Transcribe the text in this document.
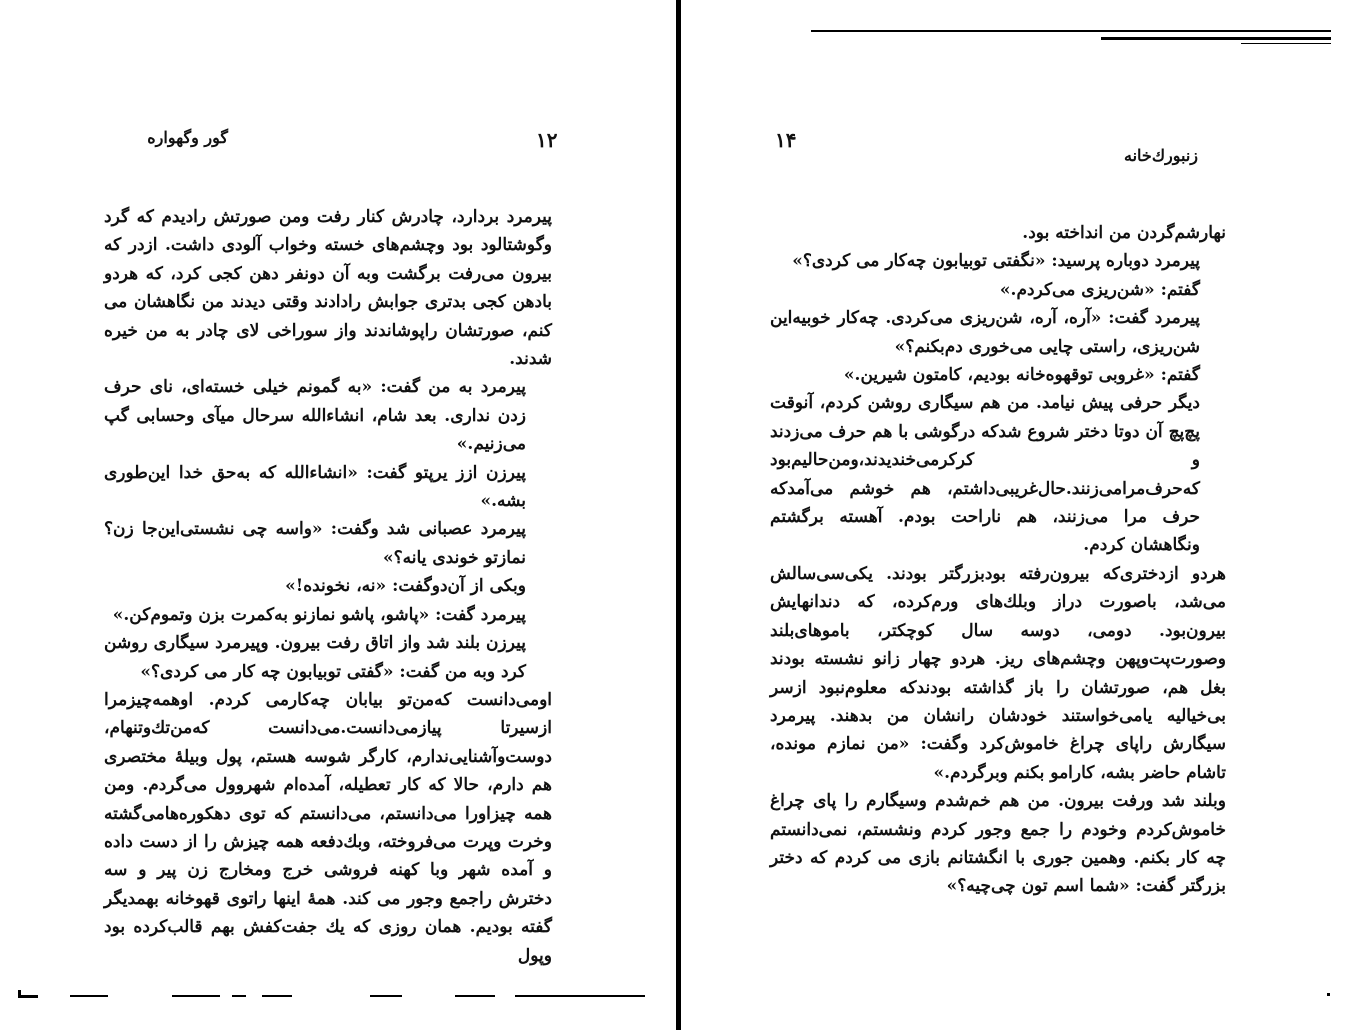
گور وگهواره	۱۲

پیرمرد بردارد، چادرش کنار رفت ومن صورتش رادیدم که گرد وگوشتالود بود وچشم‌های خسته وخواب آلودی داشت. ازدر که بیرون می‌رفت برگشت وبه آن دونفر دهن کجی کرد، که هردو بادهن کجی بدتری جوابش رادادند وقتی دیدند من نگاهشان می کنم، صورتشان راپوشاندند واز سوراخی لای چادر به من خیره شدند.

پیرمرد به من گفت: «به گمونم خیلی خسته‌ای، نای حرف زدن نداری. بعد شام، انشاءالله سرحال میآی وحسابی گپ می‌زنیم.»

پیرزن ازز یرپتو گفت: «انشاءالله که به‌حق خدا این‌طوری بشه.»

پیرمرد عصبانی شد وگفت: «واسه چی نشستی‌این‌جا زن؟نمازتو خوندی یانه؟»

وبکی از آن‌دوگفت: «نه، نخونده!»

پیرمرد گفت: «پاشو، پاشو نمازنو به‌کمرت بزن وتموم‌کن.»

پیرزن بلند شد واز اتاق رفت بیرون. وپیرمرد سیگاری روشن کرد وبه من گفت: «گفتی توبیابون چه کار می کردی؟»

اومی‌دانست که‌من‌تو بیابان چه‌کارمی کردم. اوهمه‌چیزمرا ازسیرتا پیازمی‌دانست.می‌دانست که‌من‌تك‌وتنهام، دوست‌وآشنایی‌ندارم، کارگر شوسه هستم، پول وبیلهٔ مختصری هم دارم، حالا که کار تعطیله، آمده‌ام شهروول می‌گردم. ومن همه چیزاورا می‌دانستم، می‌دانستم که توی دهکوره‌هامی‌گشته وخرت وپرت می‌فروخته، وبك‌دفعه همه چیزش را از دست داده و آمده شهر وبا کهنه فروشی خرج ومخارج زن پیر و سه دخترش راجمع وجور می کند. همهٔ اینها راتوی قهوخانه بهمدیگر گفته بودیم. همان روزی که یك جفت‌کفش بهم قالب‌کرده بود وپول

۱۴
زنبورك‌خانه

نهارشم‌گردن من انداخته بود.

پیرمرد دوباره پرسید: «نگفتی توبیابون چه‌کار می کردی؟»

گفتم: «شن‌ریزی می‌کردم.»

پیرمرد گفت: «آره، آره، شن‌ریزی می‌کردی. چه‌کار خوبیه‌این شن‌ریزی، راستی چایی می‌خوری دم‌بکنم؟»

گفتم: «غروبی توقهوه‌خانه بودیم، کامتون شیرین.»

دیگر حرفی پیش نیامد. من هم سیگاری روشن کردم، آنوقت پچ‌پچ آن دوتا دختر شروع شدکه درگوشی با هم حرف می‌زدند و کرکرمی‌خندیدند،ومن‌حالیم‌بود که‌حرف‌مرامی‌زنند.حال‌غریبی‌داشتم، هم خوشم می‌آمدکه حرف مرا می‌زنند، هم ناراحت بودم. آهسته برگشتم ونگاهشان کردم.

هردو ازدختری‌که بیرون‌رفته بودبزرگتر بودند. یکی‌سی‌سالش می‌شد، باصورت دراز وبلك‌های ورم‌کرده، که دندانهایش بیرون‌بود. دومی، دوسه سال کوچکتر، باموهای‌بلند وصورت‌پت‌وپهن وچشم‌های ریز. هردو چهار زانو نشسته بودند بغل هم، صورتشان را باز گذاشته بودندکه معلوم‌نبود ازسر بی‌خیالیه یامی‌خواستند خودشان رانشان من بدهند. پیرمرد سیگارش راپای چراغ خاموش‌کرد وگفت: «من نمازم مونده، تاشام حاضر بشه، کارامو بکنم وبرگردم.»

وبلند شد ورفت بیرون. من هم خم‌شدم وسیگارم را پای چراغ خاموش‌کردم وخودم را جمع وجور کردم ونشستم، نمی‌دانستم چه کار بکنم. وهمین جوری با انگشتانم بازی می کردم که دختر بزرگتر گفت: «شما اسم تون چی‌چیه؟»
